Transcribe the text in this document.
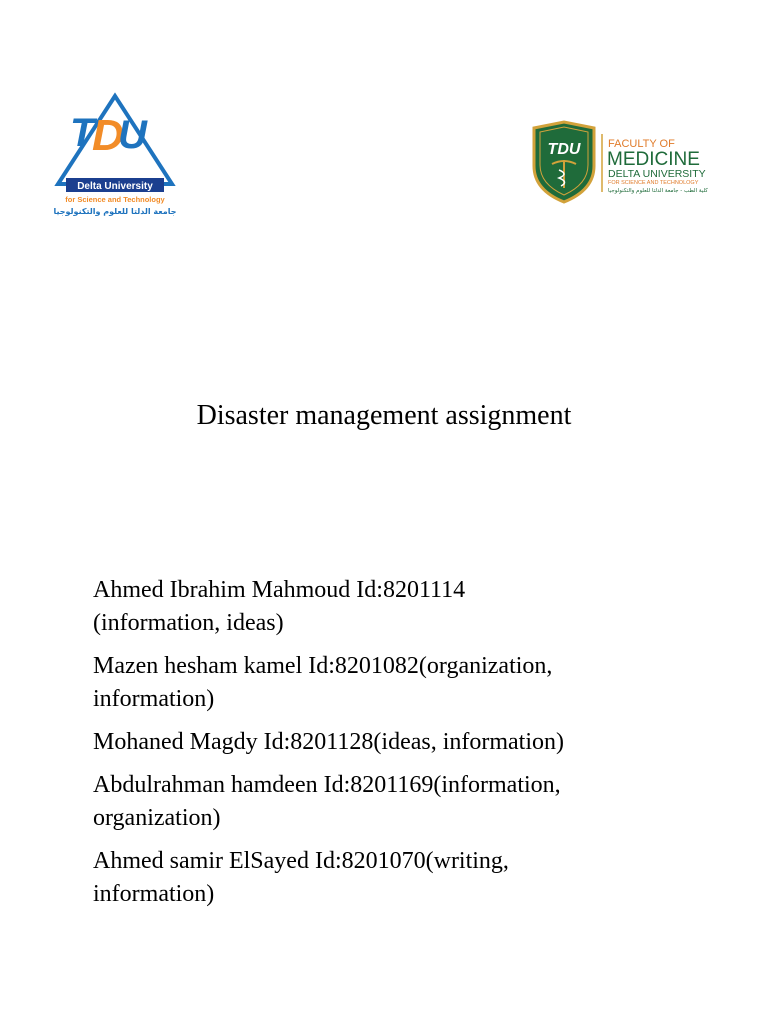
T
D
U
Delta University
for Science and Technology
جامعة الدلتا للعلوم والتكنولوجيا
TDU	FACULTY OF
MEDICINE
DELTA UNIVERSITY
FOR SCIENCE AND TECHNOLOGY
كلية الطب - جامعة الدلتا للعلوم والتكنولوجيا
Disaster management assignment
Ahmed Ibrahim Mahmoud Id:8201114
(information, ideas)
Mazen hesham kamel Id:8201082(organization,
information)
Mohaned Magdy Id:8201128(ideas, information)
Abdulrahman hamdeen Id:8201169(information,
organization)
Ahmed samir ElSayed Id:8201070(writing,
information)
